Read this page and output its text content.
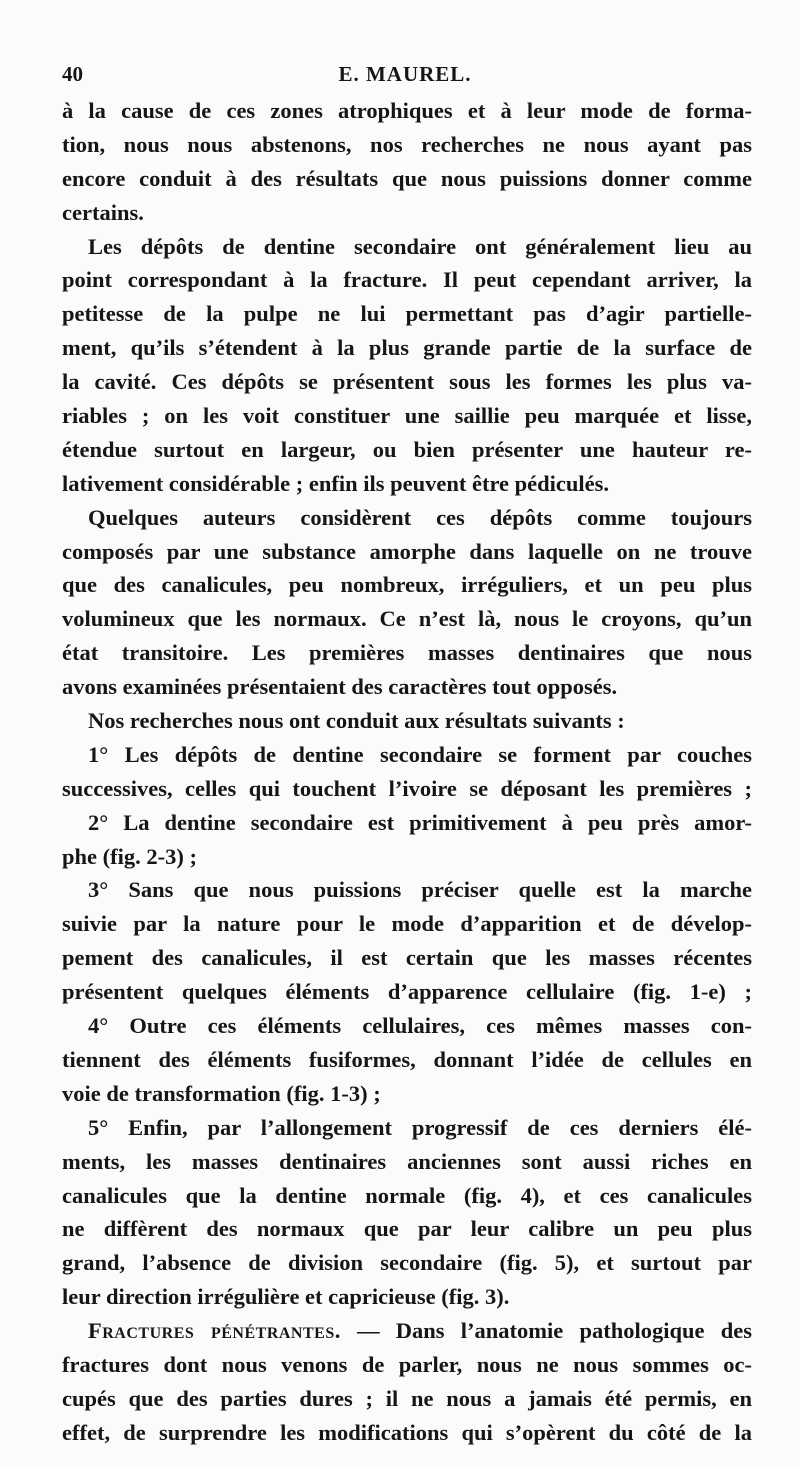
40	E. MAUREL.
à la cause de ces zones atrophiques et à leur mode de forma-
tion, nous nous abstenons, nos recherches ne nous ayant pas
encore conduit à des résultats que nous puissions donner comme
certains.
Les dépôts de dentine secondaire ont généralement lieu au
point correspondant à la fracture. Il peut cependant arriver, la
petitesse de la pulpe ne lui permettant pas d’agir partielle-
ment, qu’ils s’étendent à la plus grande partie de la surface de
la cavité. Ces dépôts se présentent sous les formes les plus va-
riables ; on les voit constituer une saillie peu marquée et lisse,
étendue surtout en largeur, ou bien présenter une hauteur re-
lativement considérable ; enfin ils peuvent être pédiculés.
Quelques auteurs considèrent ces dépôts comme toujours
composés par une substance amorphe dans laquelle on ne trouve
que des canalicules, peu nombreux, irréguliers, et un peu plus
volumineux que les normaux. Ce n’est là, nous le croyons, qu’un
état transitoire. Les premières masses dentinaires que nous
avons examinées présentaient des caractères tout opposés.
Nos recherches nous ont conduit aux résultats suivants :
1° Les dépôts de dentine secondaire se forment par couches
successives, celles qui touchent l’ivoire se déposant les premières ;
2° La dentine secondaire est primitivement à peu près amor-
phe (fig. 2-3) ;
3° Sans que nous puissions préciser quelle est la marche
suivie par la nature pour le mode d’apparition et de dévelop-
pement des canalicules, il est certain que les masses récentes
présentent quelques éléments d’apparence cellulaire (fig. 1-e) ;
4° Outre ces éléments cellulaires, ces mêmes masses con-
tiennent des éléments fusiformes, donnant l’idée de cellules en
voie de transformation (fig. 1-3) ;
5° Enfin, par l’allongement progressif de ces derniers élé-
ments, les masses dentinaires anciennes sont aussi riches en
canalicules que la dentine normale (fig. 4), et ces canalicules
ne diffèrent des normaux que par leur calibre un peu plus
grand, l’absence de division secondaire (fig. 5), et surtout par
leur direction irrégulière et capricieuse (fig. 3).
Fractures pénétrantes. — Dans l’anatomie pathologique des
fractures dont nous venons de parler, nous ne nous sommes oc-
cupés que des parties dures ; il ne nous a jamais été permis, en
effet, de surprendre les modifications qui s’opèrent du côté de la
